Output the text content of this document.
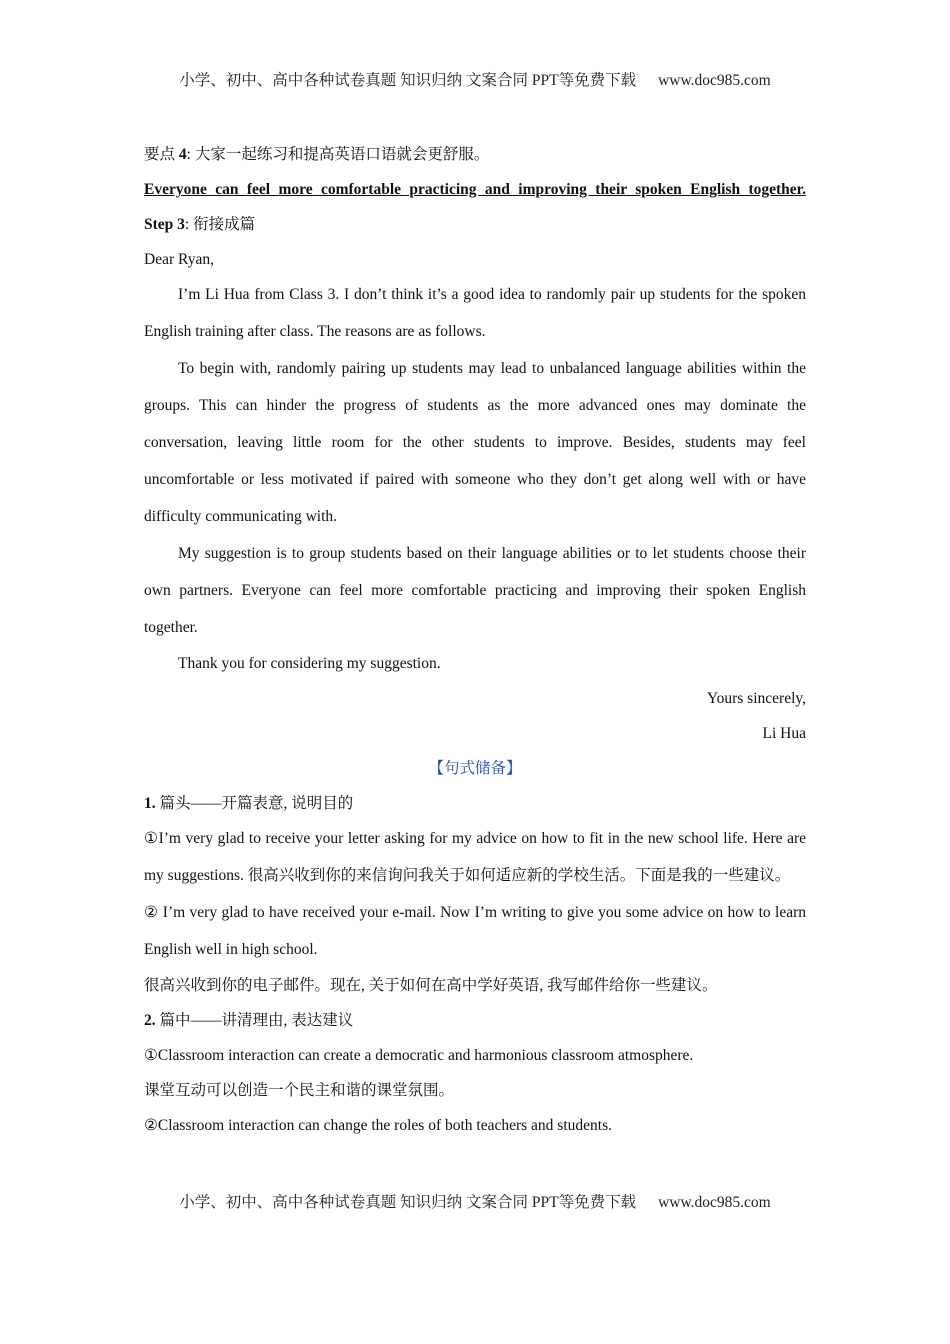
小学、初中、高中各种试卷真题 知识归纳 文案合同 PPT等免费下载 www.doc985.com
要点 4: 大家一起练习和提高英语口语就会更舒服。
Everyone can feel more comfortable practicing and improving their spoken English together.
Step 3: 衔接成篇
Dear Ryan,

I’m Li Hua from Class 3. I don’t think it’s a good idea to randomly pair up students for the spoken English training after class. The reasons are as follows.

To begin with, randomly pairing up students may lead to unbalanced language abilities within the groups. This can hinder the progress of students as the more advanced ones may dominate the conversation, leaving little room for the other students to improve. Besides, students may feel uncomfortable or less motivated if paired with someone who they don’t get along well with or have difficulty communicating with.

My suggestion is to group students based on their language abilities or to let students choose their own partners. Everyone can feel more comfortable practicing and improving their spoken English together.

Thank you for considering my suggestion.
Yours sincerely,
Li Hua
【句式储备】
1. 篇头——开篇表意, 说明目的

①I’m very glad to receive your letter asking for my advice on how to fit in the new school life. Here are my suggestions. 很高兴收到你的来信询问我关于如何适应新的学校生活。下面是我的一些建议。

② I’m very glad to have received your e-mail. Now I’m writing to give you some advice on how to learn English well in high school.

很高兴收到你的电子邮件。现在, 关于如何在高中学好英语, 我写邮件给你一些建议。
2. 篇中——讲清理由, 表达建议
①Classroom interaction can create a democratic and harmonious classroom atmosphere.
课堂互动可以创造一个民主和谐的课堂氛围。
②Classroom interaction can change the roles of both teachers and students.
小学、初中、高中各种试卷真题 知识归纳 文案合同 PPT等免费下载 www.doc985.com
